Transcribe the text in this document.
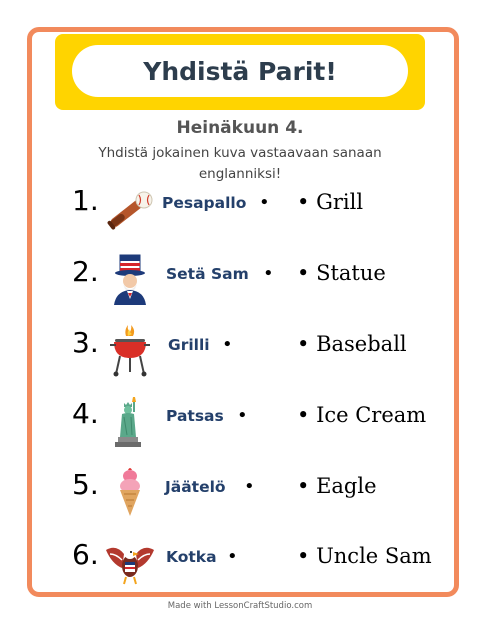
Yhdistä Parit!
Heinäkuun 4.
Yhdistä jokainen kuva vastaavaan sanaan
englanniksi!
1.	Pesapallo • • Grill
2.	Setä Sam • • Statue
3.	Grilli •	• Baseball
4.	Patsas • • Ice Cream
5.	Jäätelö • • Eagle
6.	Kotka •	• Uncle Sam
Made with LessonCraftStudio.com
